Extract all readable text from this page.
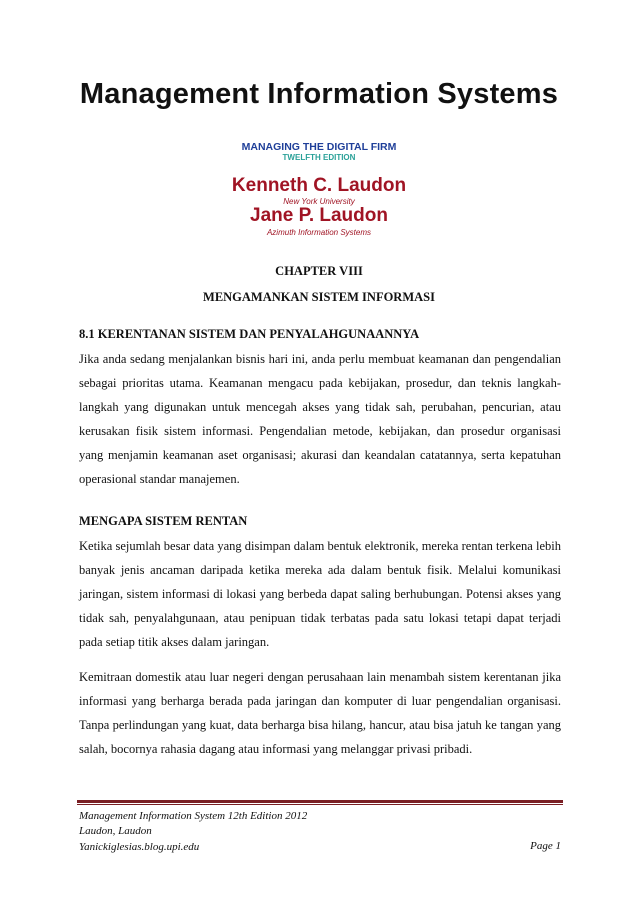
Management Information Systems
MANAGING THE DIGITAL FIRM
TWELFTH EDITION
Kenneth C. Laudon
New York University
Jane P. Laudon
Azimuth Information Systems
CHAPTER VIII
MENGAMANKAN SISTEM INFORMASI
8.1 KERENTANAN SISTEM DAN PENYALAHGUNAANNYA

Jika anda sedang menjalankan bisnis hari ini, anda perlu membuat keamanan dan pengendalian sebagai prioritas utama. Keamanan mengacu pada kebijakan, prosedur, dan teknis langkah-langkah yang digunakan untuk mencegah akses yang tidak sah, perubahan, pencurian, atau kerusakan fisik sistem informasi. Pengendalian metode, kebijakan, dan prosedur organisasi yang menjamin keamanan aset organisasi; akurasi dan keandalan catatannya, serta kepatuhan operasional standar manajemen.

MENGAPA SISTEM RENTAN

Ketika sejumlah besar data yang disimpan dalam bentuk elektronik, mereka rentan terkena lebih banyak jenis ancaman daripada ketika mereka ada dalam bentuk fisik. Melalui komunikasi jaringan, sistem informasi di lokasi yang berbeda dapat saling berhubungan. Potensi akses yang tidak sah, penyalahgunaan, atau penipuan tidak terbatas pada satu lokasi tetapi dapat terjadi pada setiap titik akses dalam jaringan.

Kemitraan domestik atau luar negeri dengan perusahaan lain menambah sistem kerentanan jika informasi yang berharga berada pada jaringan dan komputer di luar pengendalian organisasi. Tanpa perlindungan yang kuat, data berharga bisa hilang, hancur, atau bisa jatuh ke tangan yang salah, bocornya rahasia dagang atau informasi yang melanggar privasi pribadi.

Management Information System 12th Edition 2012
Laudon, Laudon
Yanickiglesias.blog.upi.edu	Page 1
